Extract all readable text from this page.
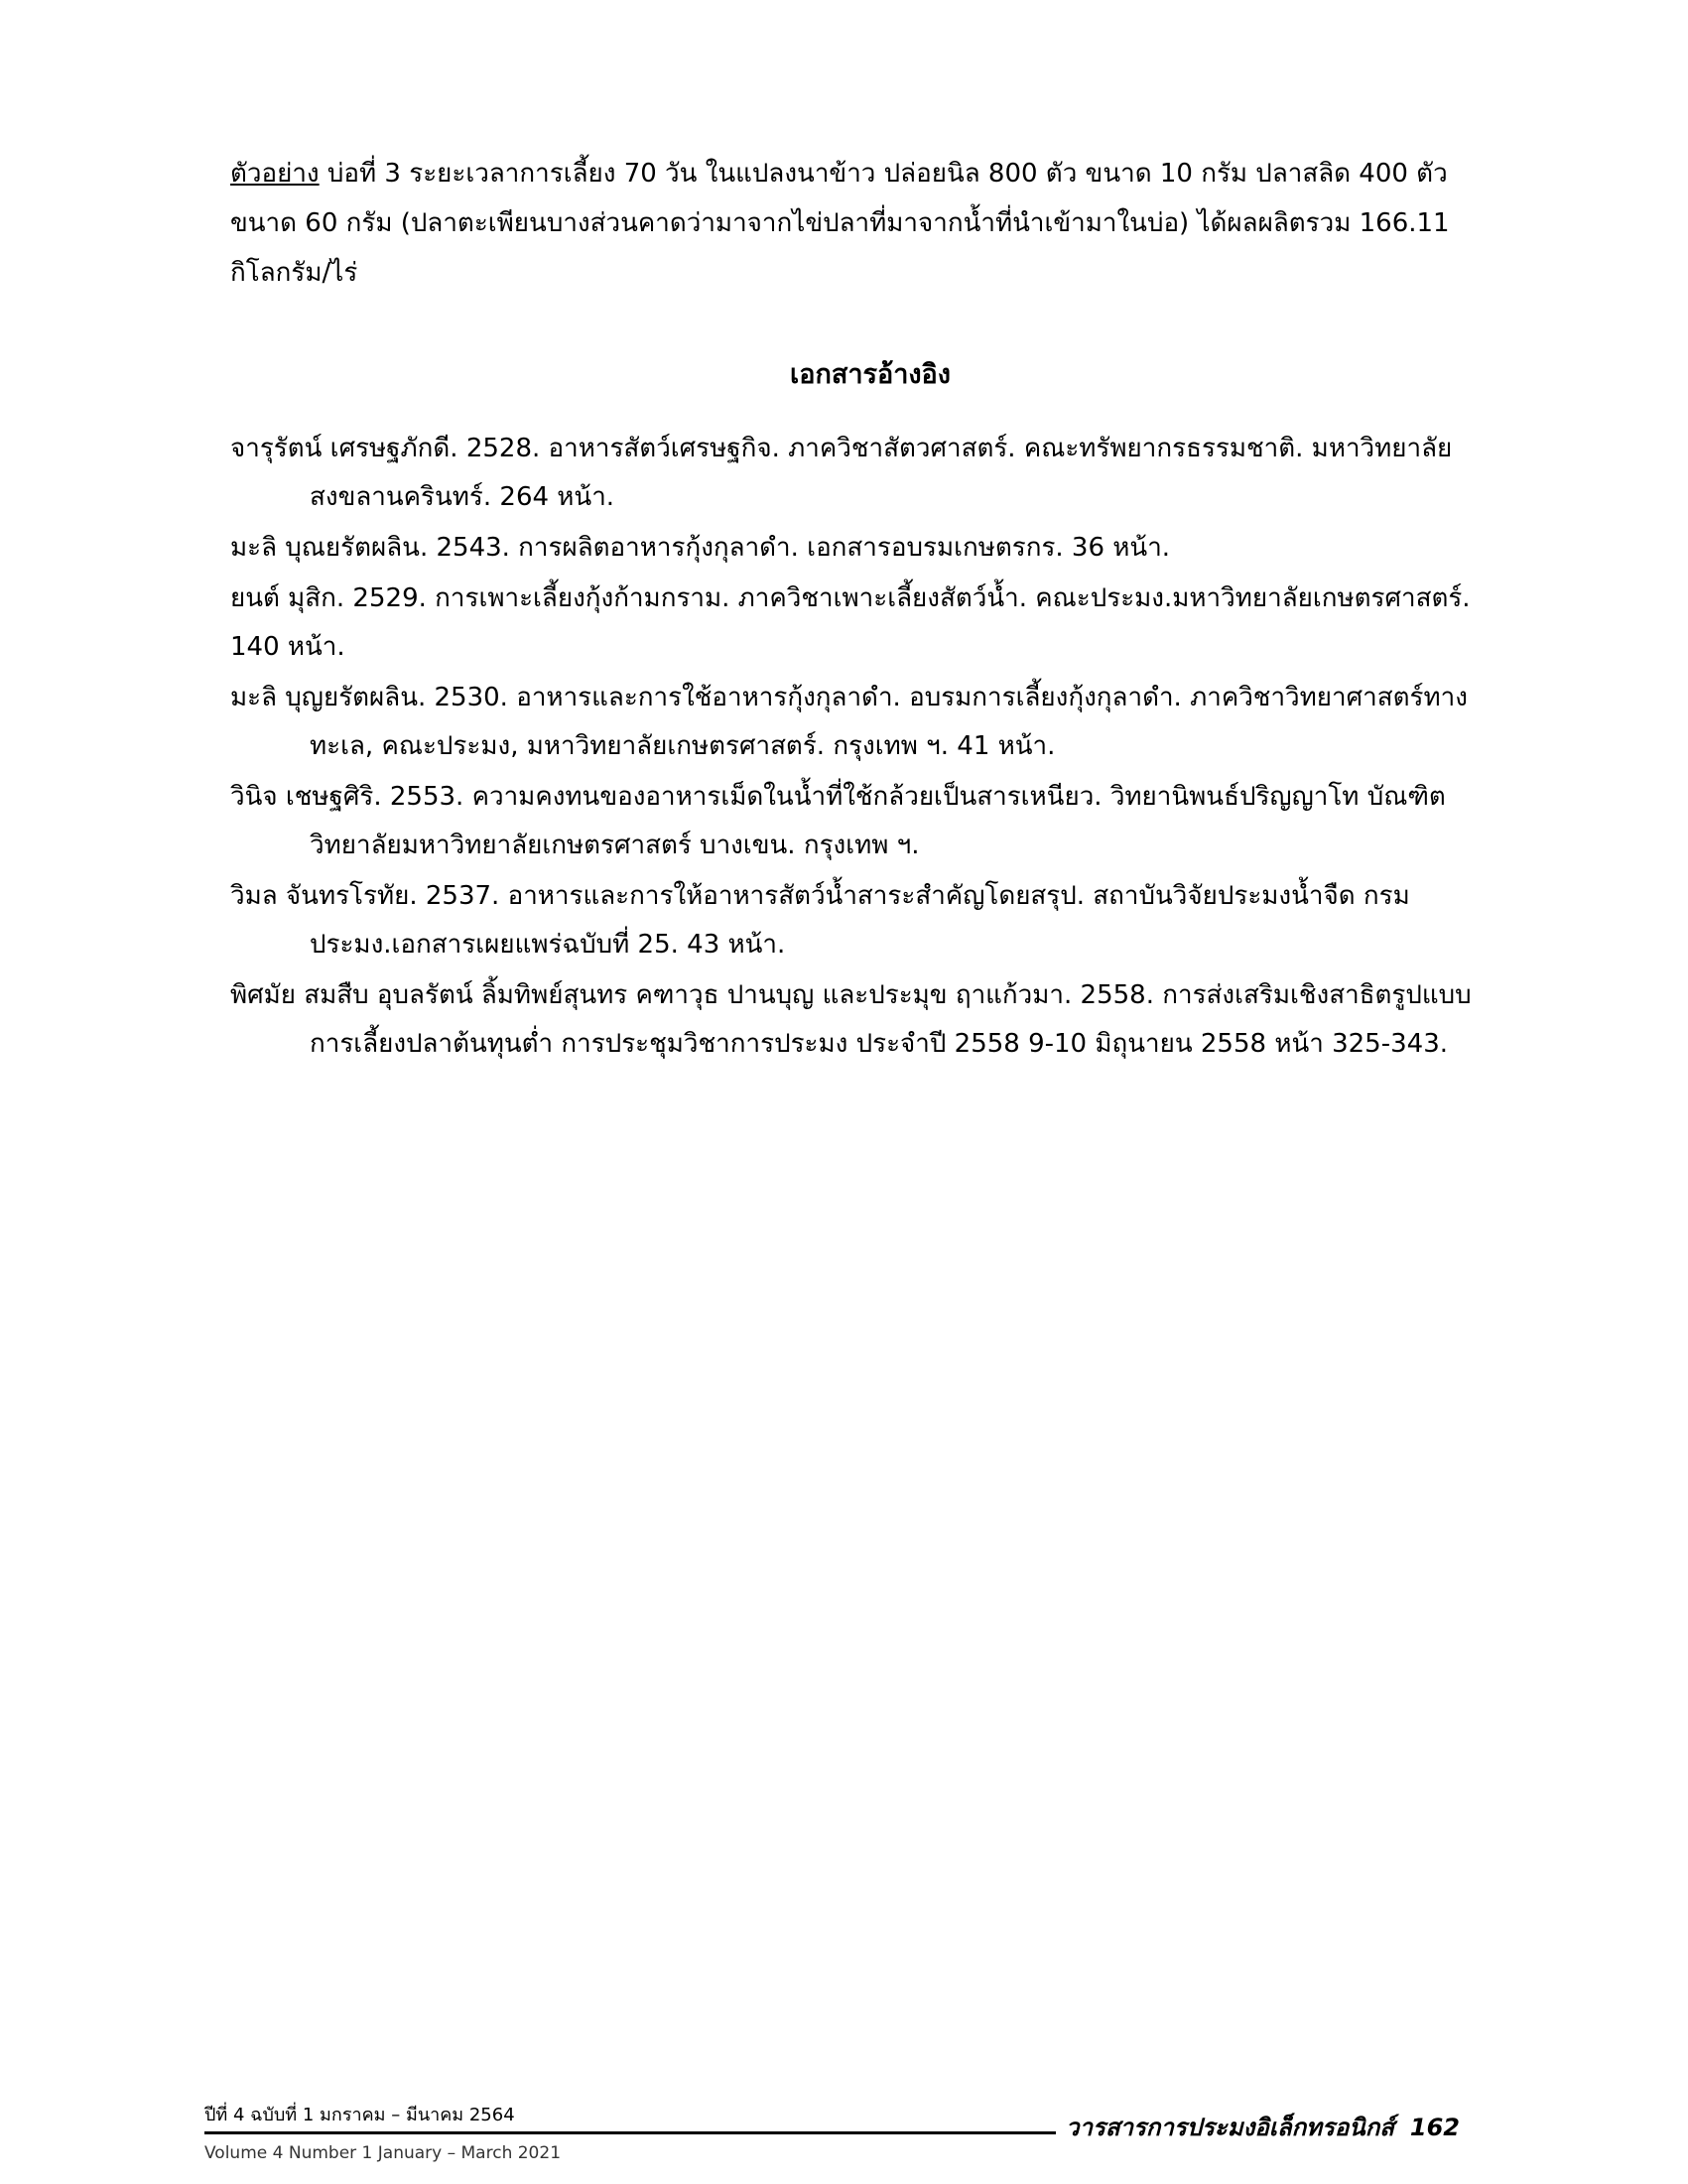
ตัวอย่าง บ่อที่ 3 ระยะเวลาการเลี้ยง 70 วัน ในแปลงนาข้าว ปล่อยนิล 800 ตัว ขนาด 10 กรัม ปลาสลิด 400 ตัว ขนาด 60 กรัม (ปลาตะเพียนบางส่วนคาดว่ามาจากไข่ปลาที่มาจากน้ำที่นำเข้ามาในบ่อ) ได้ผลผลิตรวม 166.11 กิโลกรัม/ไร่

เอกสารอ้างอิง
จารุรัตน์ เศรษฐภักดี. 2528. อาหารสัตว์เศรษฐกิจ. ภาควิชาสัตวศาสตร์. คณะทรัพยากรธรรมชาติ. มหาวิทยาลัยสงขลานครินทร์. 264 หน้า.
มะลิ บุณยรัตผลิน. 2543. การผลิตอาหารกุ้งกุลาดำ. เอกสารอบรมเกษตรกร. 36 หน้า.
ยนต์ มุสิก. 2529. การเพาะเลี้ยงกุ้งก้ามกราม. ภาควิชาเพาะเลี้ยงสัตว์น้ำ. คณะประมง.มหาวิทยาลัยเกษตรศาสตร์. 140 หน้า.
มะลิ บุญยรัตผลิน. 2530. อาหารและการใช้อาหารกุ้งกุลาดำ. อบรมการเลี้ยงกุ้งกุลาดำ. ภาควิชาวิทยาศาสตร์ทางทะเล, คณะประมง, มหาวิทยาลัยเกษตรศาสตร์. กรุงเทพ ฯ. 41 หน้า.
วินิจ เชษฐศิริ. 2553. ความคงทนของอาหารเม็ดในน้ำที่ใช้กล้วยเป็นสารเหนียว. วิทยานิพนธ์ปริญญาโท บัณฑิตวิทยาลัยมหาวิทยาลัยเกษตรศาสตร์ บางเขน. กรุงเทพ ฯ.
วิมล จันทรโรทัย. 2537. อาหารและการให้อาหารสัตว์น้ำสาระสำคัญโดยสรุป. สถาบันวิจัยประมงน้ำจืด กรมประมง.เอกสารเผยแพร่ฉบับที่ 25. 43 หน้า.
พิศมัย สมสืบ อุบลรัตน์ ลิ้มทิพย์สุนทร คฑาวุธ ปานบุญ และประมุข ฤาแก้วมา. 2558. การส่งเสริมเชิงสาธิตรูปแบบการเลี้ยงปลาต้นทุนต่ำ การประชุมวิชาการประมง ประจำปี 2558 9-10 มิถุนายน 2558 หน้า 325-343.
ปีที่ 4 ฉบับที่ 1 มกราคม – มีนาคม 2564
Volume 4 Number 1 January – March 2021
วารสารการประมงอิเล็กทรอนิกส์ 162
